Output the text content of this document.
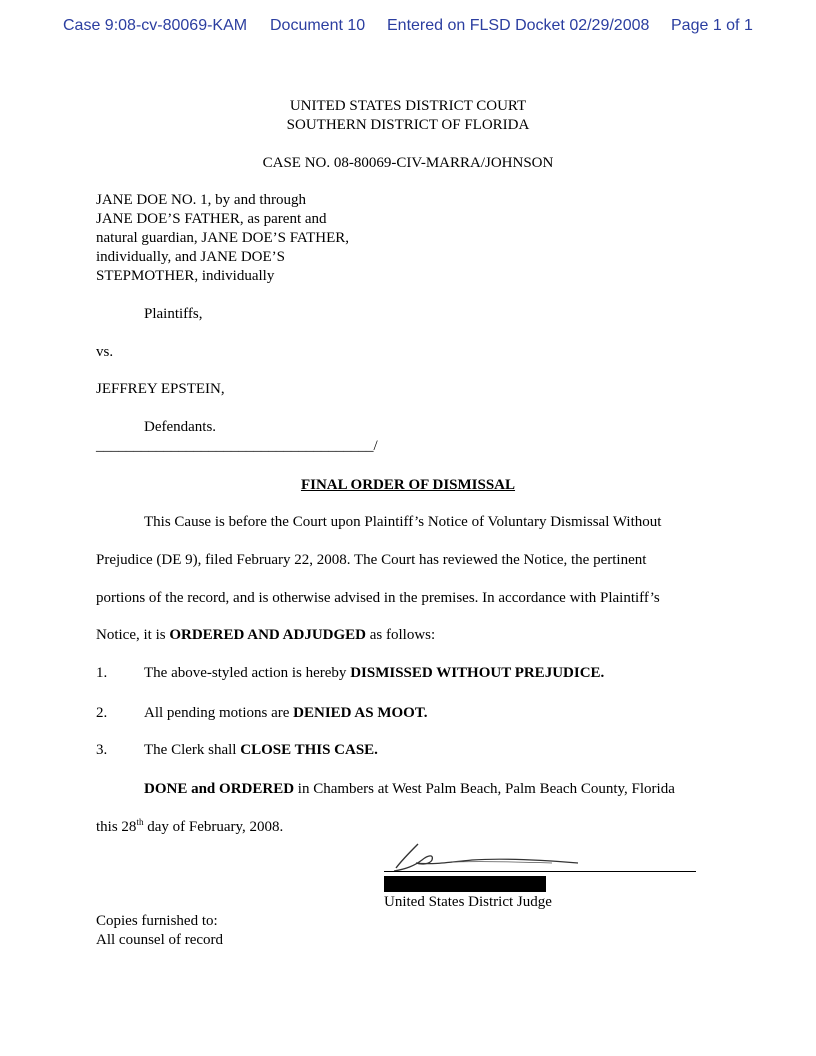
Case 9:08-cv-80069-KAM Document 10 Entered on FLSD Docket 02/29/2008 Page 1 of 1
UNITED STATES DISTRICT COURT
SOUTHERN DISTRICT OF FLORIDA
CASE NO. 08-80069-CIV-MARRA/JOHNSON
JANE DOE NO. 1, by and through
JANE DOE’S FATHER, as parent and
natural guardian, JANE DOE’S FATHER,
individually, and JANE DOE’S
STEPMOTHER, individually
Plaintiffs,
vs.
JEFFREY EPSTEIN,
Defendants.
_____________________________________/
FINAL ORDER OF DISMISSAL
This Cause is before the Court upon Plaintiff’s Notice of Voluntary Dismissal Without
Prejudice (DE 9), filed February 22, 2008. The Court has reviewed the Notice, the pertinent
portions of the record, and is otherwise advised in the premises. In accordance with Plaintiff’s
Notice, it is ORDERED AND ADJUDGED as follows:
1. The above-styled action is hereby DISMISSED WITHOUT PREJUDICE.
2. All pending motions are DENIED AS MOOT.
3. The Clerk shall CLOSE THIS CASE.
DONE and ORDERED in Chambers at West Palm Beach, Palm Beach County, Florida
this 28th day of February, 2008.
United States District Judge
Copies furnished to:
All counsel of record
